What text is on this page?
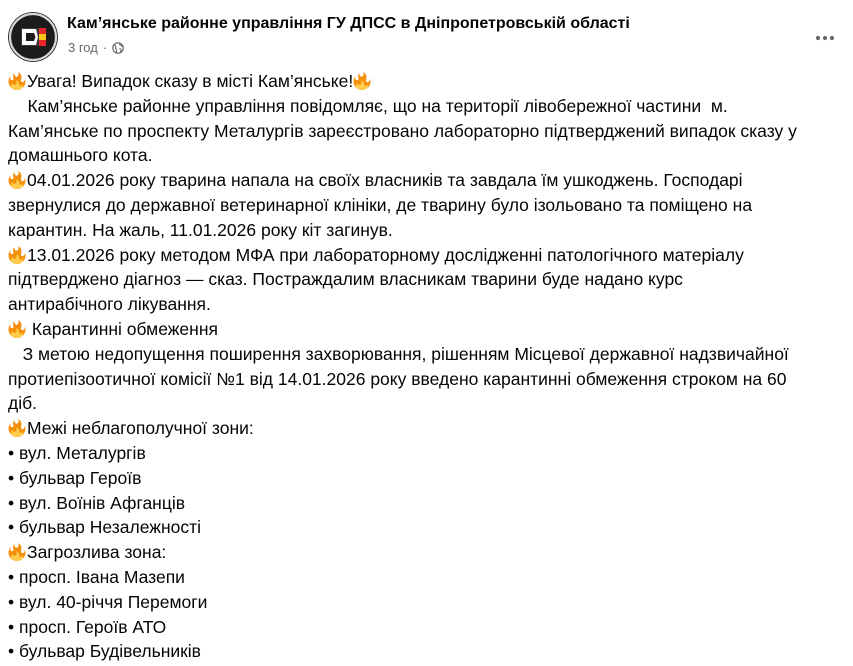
Кам’янське районне управління ГУ ДПСС в Дніпропетровській області
3 год ·
Увага! Випадок сказу в місті Кам’янське!
Кам’янське районне управління повідомляє, що на території лівобережної частини  м.
Кам’янське по проспекту Металургів зареєстровано лабораторно підтверджений випадок сказу у
домашнього кота.
04.01.2026 року тварина напала на своїх власників та завдала їм ушкоджень. Господарі
звернулися до державної ветеринарної клініки, де тварину було ізольовано та поміщено на
карантин. На жаль, 11.01.2026 року кіт загинув.
13.01.2026 року методом МФА при лабораторному дослідженні патологічного матеріалу
підтверджено діагноз — сказ. Постраждалим власникам тварини буде надано курс
антирабічного лікування.
Карантинні обмеження
З метою недопущення поширення захворювання, рішенням Місцевої державної надзвичайної
протиепізоотичної комісії №1 від 14.01.2026 року введено карантинні обмеження строком на 60
діб.
Межі неблагополучної зони:
• вул. Металургів
• бульвар Героїв
• вул. Воїнів Афганців
• бульвар Незалежності
Загрозлива зона:
• просп. Івана Мазепи
• вул. 40-річчя Перемоги
• просп. Героїв АТО
• бульвар Будівельників
